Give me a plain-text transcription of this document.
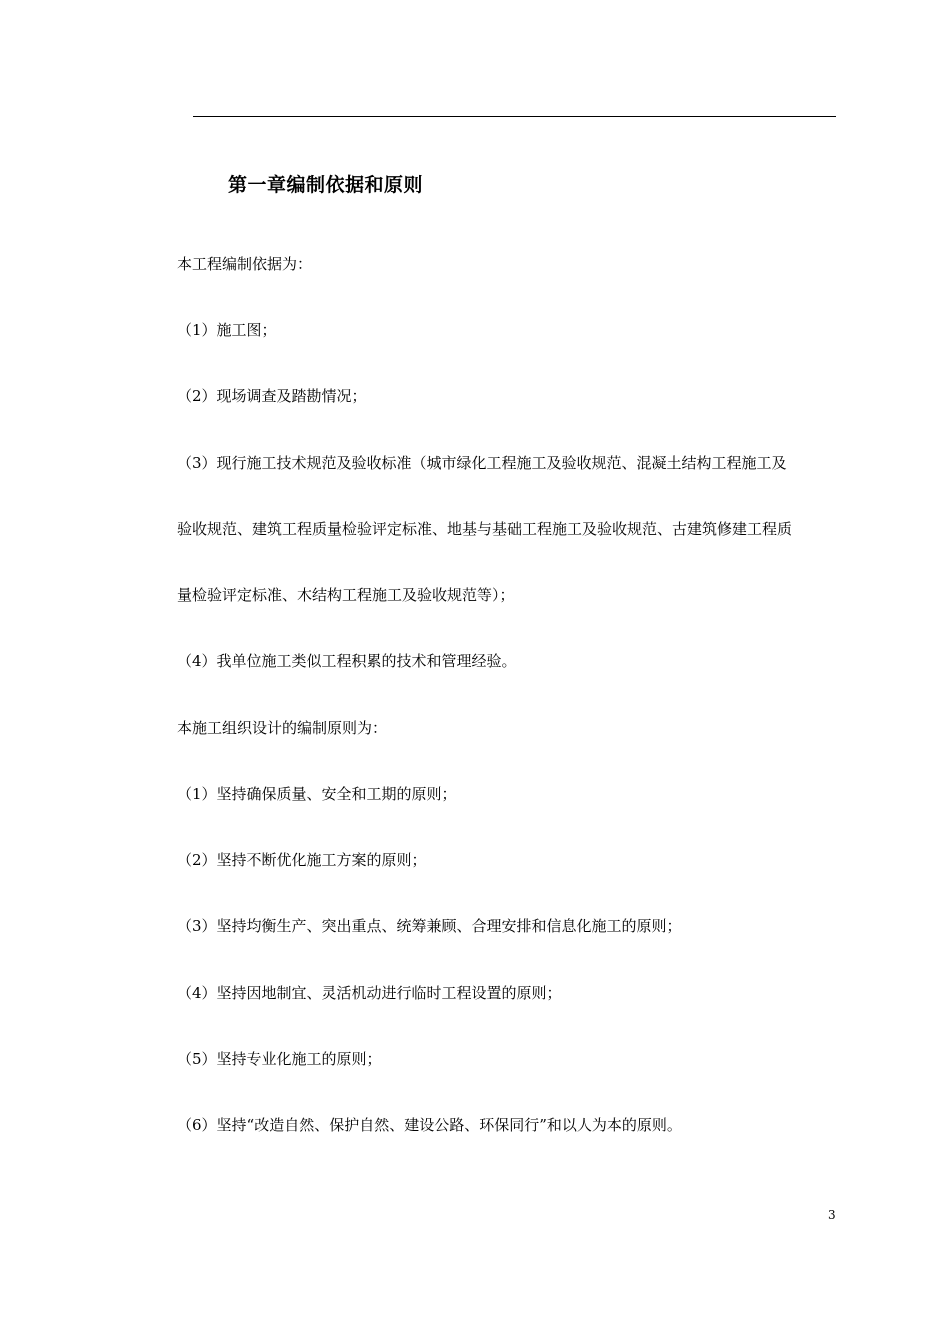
第一章编制依据和原则
本工程编制依据为：
（1）施工图；
（2）现场调查及踏勘情况；
（3）现行施工技术规范及验收标准（城市绿化工程施工及验收规范、混凝土结构工程施工及
验收规范、建筑工程质量检验评定标准、地基与基础工程施工及验收规范、古建筑修建工程质
量检验评定标准、木结构工程施工及验收规范等）；
（4）我单位施工类似工程积累的技术和管理经验。
本施工组织设计的编制原则为：
（1）坚持确保质量、安全和工期的原则；
（2）坚持不断优化施工方案的原则；
（3）坚持均衡生产、突出重点、统筹兼顾、合理安排和信息化施工的原则；
（4）坚持因地制宜、灵活机动进行临时工程设置的原则；
（5）坚持专业化施工的原则；
（6）坚持“改造自然、保护自然、建设公路、环保同行”和以人为本的原则。
3
